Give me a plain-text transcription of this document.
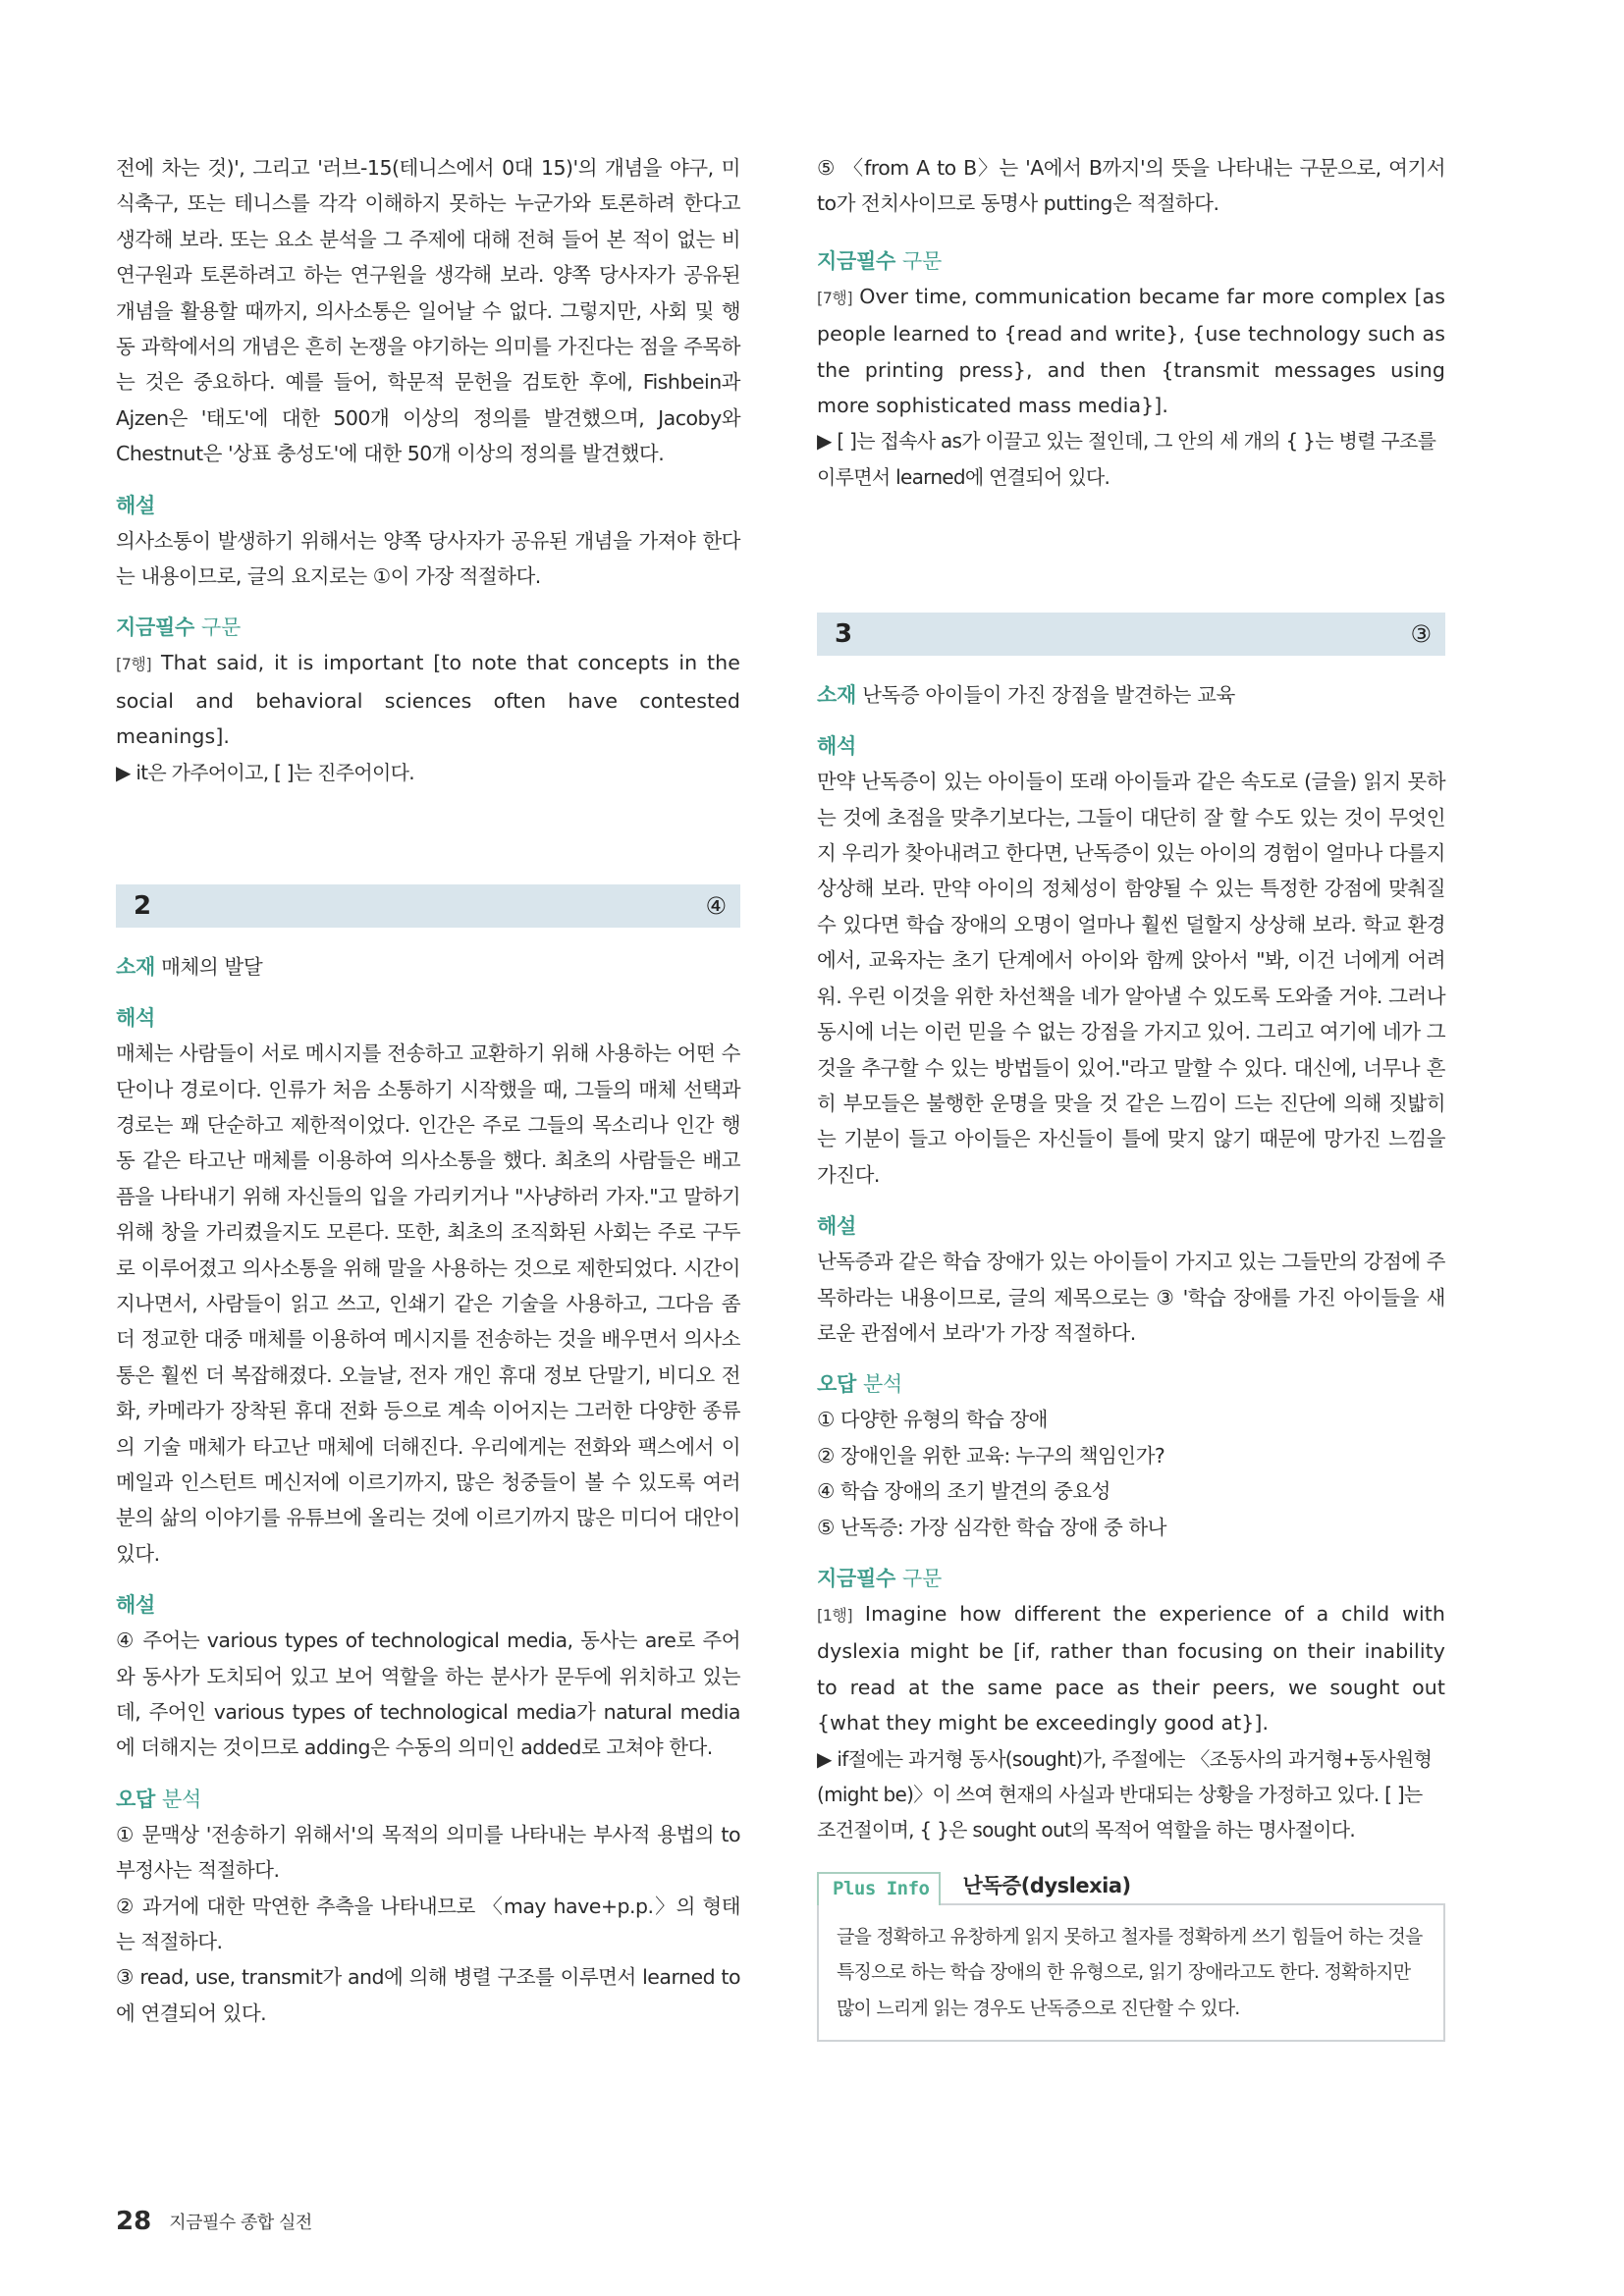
전에 차는 것)', 그리고 '러브-15(테니스에서 0대 15)'의 개념을 야구, 미식축구, 또는 테니스를 각각 이해하지 못하는 누군가와 토론하려 한다고 생각해 보라. 또는 요소 분석을 그 주제에 대해 전혀 들어 본 적이 없는 비연구원과 토론하려고 하는 연구원을 생각해 보라. 양쪽 당사자가 공유된 개념을 활용할 때까지, 의사소통은 일어날 수 없다. 그렇지만, 사회 및 행동 과학에서의 개념은 흔히 논쟁을 야기하는 의미를 가진다는 점을 주목하는 것은 중요하다. 예를 들어, 학문적 문헌을 검토한 후에, Fishbein과 Ajzen은 '태도'에 대한 500개 이상의 정의를 발견했으며, Jacoby와 Chestnut은 '상표 충성도'에 대한 50개 이상의 정의를 발견했다.

해설

의사소통이 발생하기 위해서는 양쪽 당사자가 공유된 개념을 가져야 한다는 내용이므로, 글의 요지로는 ①이 가장 적절하다.

지금필수 구문

[7행] That said, it is important [to note that concepts in the social and behavioral sciences often have contested meanings].

▶ it은 가주어이고, [ ]는 진주어이다.

2	④
소재 매체의 발달
해석

매체는 사람들이 서로 메시지를 전송하고 교환하기 위해 사용하는 어떤 수단이나 경로이다. 인류가 처음 소통하기 시작했을 때, 그들의 매체 선택과 경로는 꽤 단순하고 제한적이었다. 인간은 주로 그들의 목소리나 인간 행동 같은 타고난 매체를 이용하여 의사소통을 했다. 최초의 사람들은 배고픔을 나타내기 위해 자신들의 입을 가리키거나 "사냥하러 가자."고 말하기 위해 창을 가리켰을지도 모른다. 또한, 최초의 조직화된 사회는 주로 구두로 이루어졌고 의사소통을 위해 말을 사용하는 것으로 제한되었다. 시간이 지나면서, 사람들이 읽고 쓰고, 인쇄기 같은 기술을 사용하고, 그다음 좀 더 정교한 대중 매체를 이용하여 메시지를 전송하는 것을 배우면서 의사소통은 훨씬 더 복잡해졌다. 오늘날, 전자 개인 휴대 정보 단말기, 비디오 전화, 카메라가 장착된 휴대 전화 등으로 계속 이어지는 그러한 다양한 종류의 기술 매체가 타고난 매체에 더해진다. 우리에게는 전화와 팩스에서 이메일과 인스턴트 메신저에 이르기까지, 많은 청중들이 볼 수 있도록 여러분의 삶의 이야기를 유튜브에 올리는 것에 이르기까지 많은 미디어 대안이 있다.

해설

④ 주어는 various types of technological media, 동사는 are로 주어와 동사가 도치되어 있고 보어 역할을 하는 분사가 문두에 위치하고 있는데, 주어인 various types of technological media가 natural media에 더해지는 것이므로 adding은 수동의 의미인 added로 고쳐야 한다.

오답 분석

① 문맥상 '전송하기 위해서'의 목적의 의미를 나타내는 부사적 용법의 to부정사는 적절하다.

② 과거에 대한 막연한 추측을 나타내므로 〈may have+p.p.〉의 형태는 적절하다.

③ read, use, transmit가 and에 의해 병렬 구조를 이루면서 learned to에 연결되어 있다.

⑤ 〈from A to B〉는 'A에서 B까지'의 뜻을 나타내는 구문으로, 여기서 to가 전치사이므로 동명사 putting은 적절하다.

지금필수 구문

[7행] Over time, communication became far more complex [as people learned to {read and write}, {use technology such as the printing press}, and then {transmit messages using more sophisticated mass media}].

▶ [ ]는 접속사 as가 이끌고 있는 절인데, 그 안의 세 개의 { }는 병렬 구조를 이루면서 learned에 연결되어 있다.

3	③
소재 난독증 아이들이 가진 장점을 발견하는 교육
해석

만약 난독증이 있는 아이들이 또래 아이들과 같은 속도로 (글을) 읽지 못하는 것에 초점을 맞추기보다는, 그들이 대단히 잘 할 수도 있는 것이 무엇인지 우리가 찾아내려고 한다면, 난독증이 있는 아이의 경험이 얼마나 다를지 상상해 보라. 만약 아이의 정체성이 함양될 수 있는 특정한 강점에 맞춰질 수 있다면 학습 장애의 오명이 얼마나 훨씬 덜할지 상상해 보라. 학교 환경에서, 교육자는 초기 단계에서 아이와 함께 앉아서 "봐, 이건 너에게 어려워. 우린 이것을 위한 차선책을 네가 알아낼 수 있도록 도와줄 거야. 그러나 동시에 너는 이런 믿을 수 없는 강점을 가지고 있어. 그리고 여기에 네가 그것을 추구할 수 있는 방법들이 있어."라고 말할 수 있다. 대신에, 너무나 흔히 부모들은 불행한 운명을 맞을 것 같은 느낌이 드는 진단에 의해 짓밟히는 기분이 들고 아이들은 자신들이 틀에 맞지 않기 때문에 망가진 느낌을 가진다.

해설

난독증과 같은 학습 장애가 있는 아이들이 가지고 있는 그들만의 강점에 주목하라는 내용이므로, 글의 제목으로는 ③ '학습 장애를 가진 아이들을 새로운 관점에서 보라'가 가장 적절하다.

오답 분석

① 다양한 유형의 학습 장애

② 장애인을 위한 교육: 누구의 책임인가?

④ 학습 장애의 조기 발견의 중요성

⑤ 난독증: 가장 심각한 학습 장애 중 하나

지금필수 구문

[1행] Imagine how different the experience of a child with dyslexia might be [if, rather than focusing on their inability to read at the same pace as their peers, we sought out {what they might be exceedingly good at}].

▶ if절에는 과거형 동사(sought)가, 주절에는 〈조동사의 과거형+동사원형(might be)〉이 쓰여 현재의 사실과 반대되는 상황을 가정하고 있다. [ ]는 조건절이며, { }은 sought out의 목적어 역할을 하는 명사절이다.

Plus Info	난독증(dyslexia)
글을 정확하고 유창하게 읽지 못하고 철자를 정확하게 쓰기 힘들어 하는 것을 특징으로 하는 학습 장애의 한 유형으로, 읽기 장애라고도 한다. 정확하지만 많이 느리게 읽는 경우도 난독증으로 진단할 수 있다.
28 지금필수 종합 실전
